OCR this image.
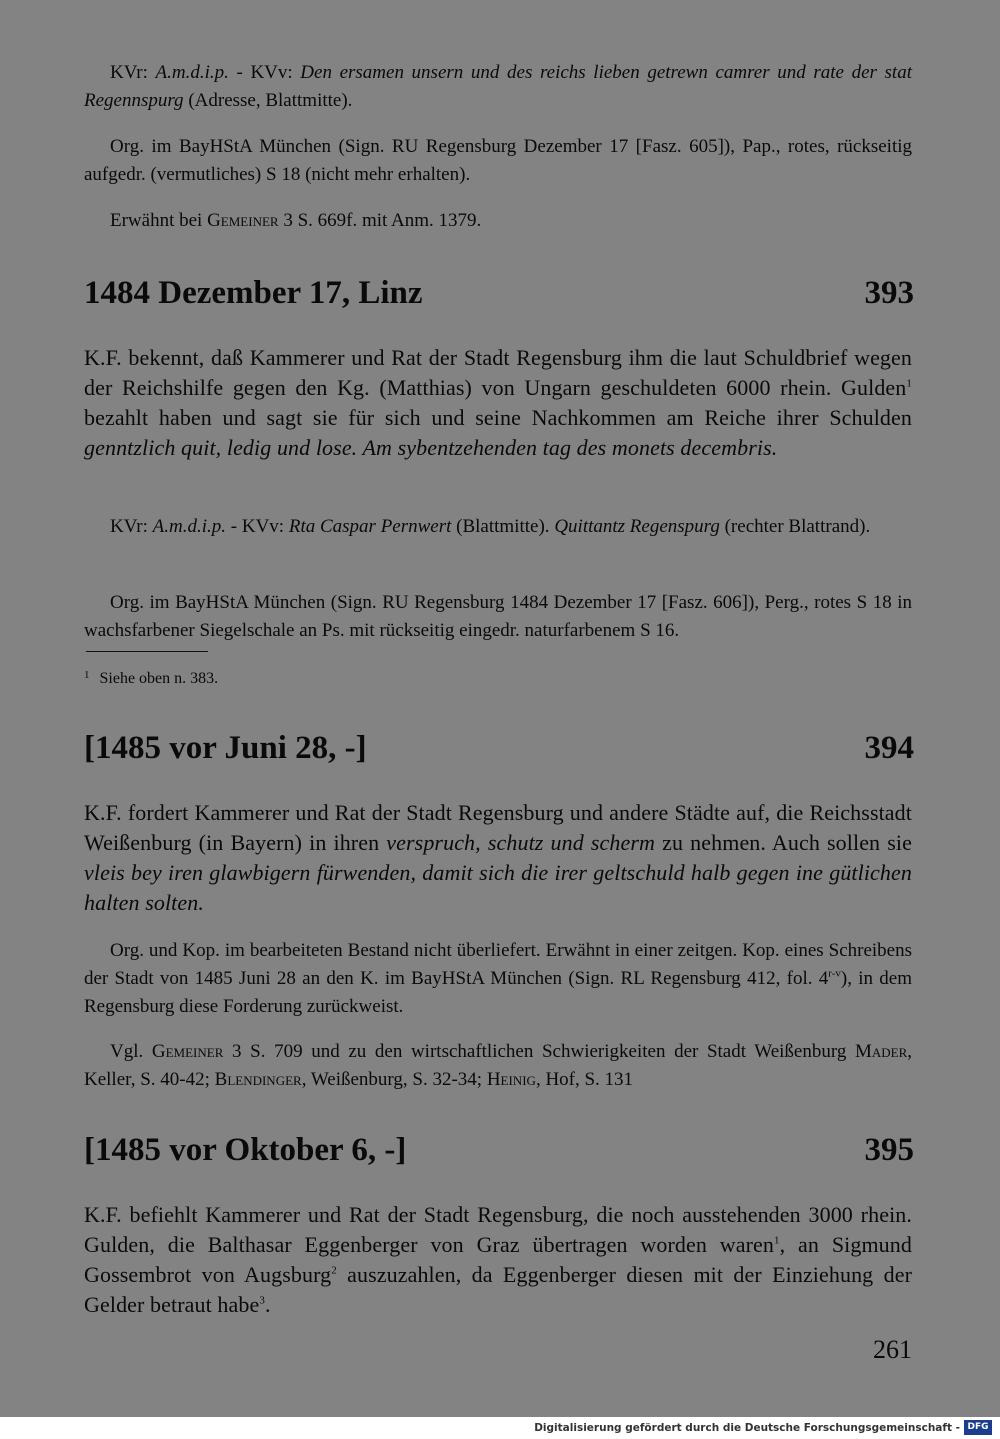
KVr: A.m.d.i.p. - KVv: Den ersamen unsern und des reichs lieben getrewn camrer und rate der stat Regennspurg (Adresse, Blattmitte).

Org. im BayHStA München (Sign. RU Regensburg Dezember 17 [Fasz. 605]), Pap., rotes, rückseitig aufgedr. (vermutliches) S 18 (nicht mehr erhalten).

Erwähnt bei Gemeiner 3 S. 669f. mit Anm. 1379.

1484 Dezember 17, Linz	393

K.F. bekennt, daß Kammerer und Rat der Stadt Regensburg ihm die laut Schuldbrief wegen der Reichshilfe gegen den Kg. (Matthias) von Ungarn geschuldeten 6000 rhein. Gulden$^1$ bezahlt haben und sagt sie für sich und seine Nachkommen am Reiche ihrer Schulden genntzlich quit, ledig und lose. Am sybentzehenden tag des monets decembris.

KVr: A.m.d.i.p. - KVv: Rta Caspar Pernwert (Blattmitte). Quittantz Regenspurg (rechter Blattrand).

Org. im BayHStA München (Sign. RU Regensburg 1484 Dezember 17 [Fasz. 606]), Perg., rotes S 18 in wachsfarbener Siegelschale an Ps. mit rückseitig eingedr. naturfarbenem S 16.

$^1$ Siehe oben n. 383.
[1485 vor Juni 28, -]	394

K.F. fordert Kammerer und Rat der Stadt Regensburg und andere Städte auf, die Reichsstadt Weißenburg (in Bayern) in ihren verspruch, schutz und scherm zu nehmen. Auch sollen sie vleis bey iren glawbigern fürwenden, damit sich die irer geltschuld halb gegen ine gütlichen halten solten.

Org. und Kop. im bearbeiteten Bestand nicht überliefert. Erwähnt in einer zeitgen. Kop. eines Schreibens der Stadt von 1485 Juni 28 an den K. im BayHStA München (Sign. RL Regensburg 412, fol. 4$^{r-v}$), in dem Regensburg diese Forderung zurückweist.

Vgl. Gemeiner 3 S. 709 und zu den wirtschaftlichen Schwierigkeiten der Stadt Weißenburg Mader, Keller, S. 40-42; Blendinger, Weißenburg, S. 32-34; Heinig, Hof, S. 131

[1485 vor Oktober 6, -]	395

K.F. befiehlt Kammerer und Rat der Stadt Regensburg, die noch ausstehenden 3000 rhein. Gulden, die Balthasar Eggenberger von Graz übertragen worden waren$^1$, an Sigmund Gossembrot von Augsburg$^2$ auszuzahlen, da Eggenberger diesen mit der Einziehung der Gelder betraut habe$^3$.

261
Digitalisierung gefördert durch die Deutsche Forschungsgemeinschaft - DFG
